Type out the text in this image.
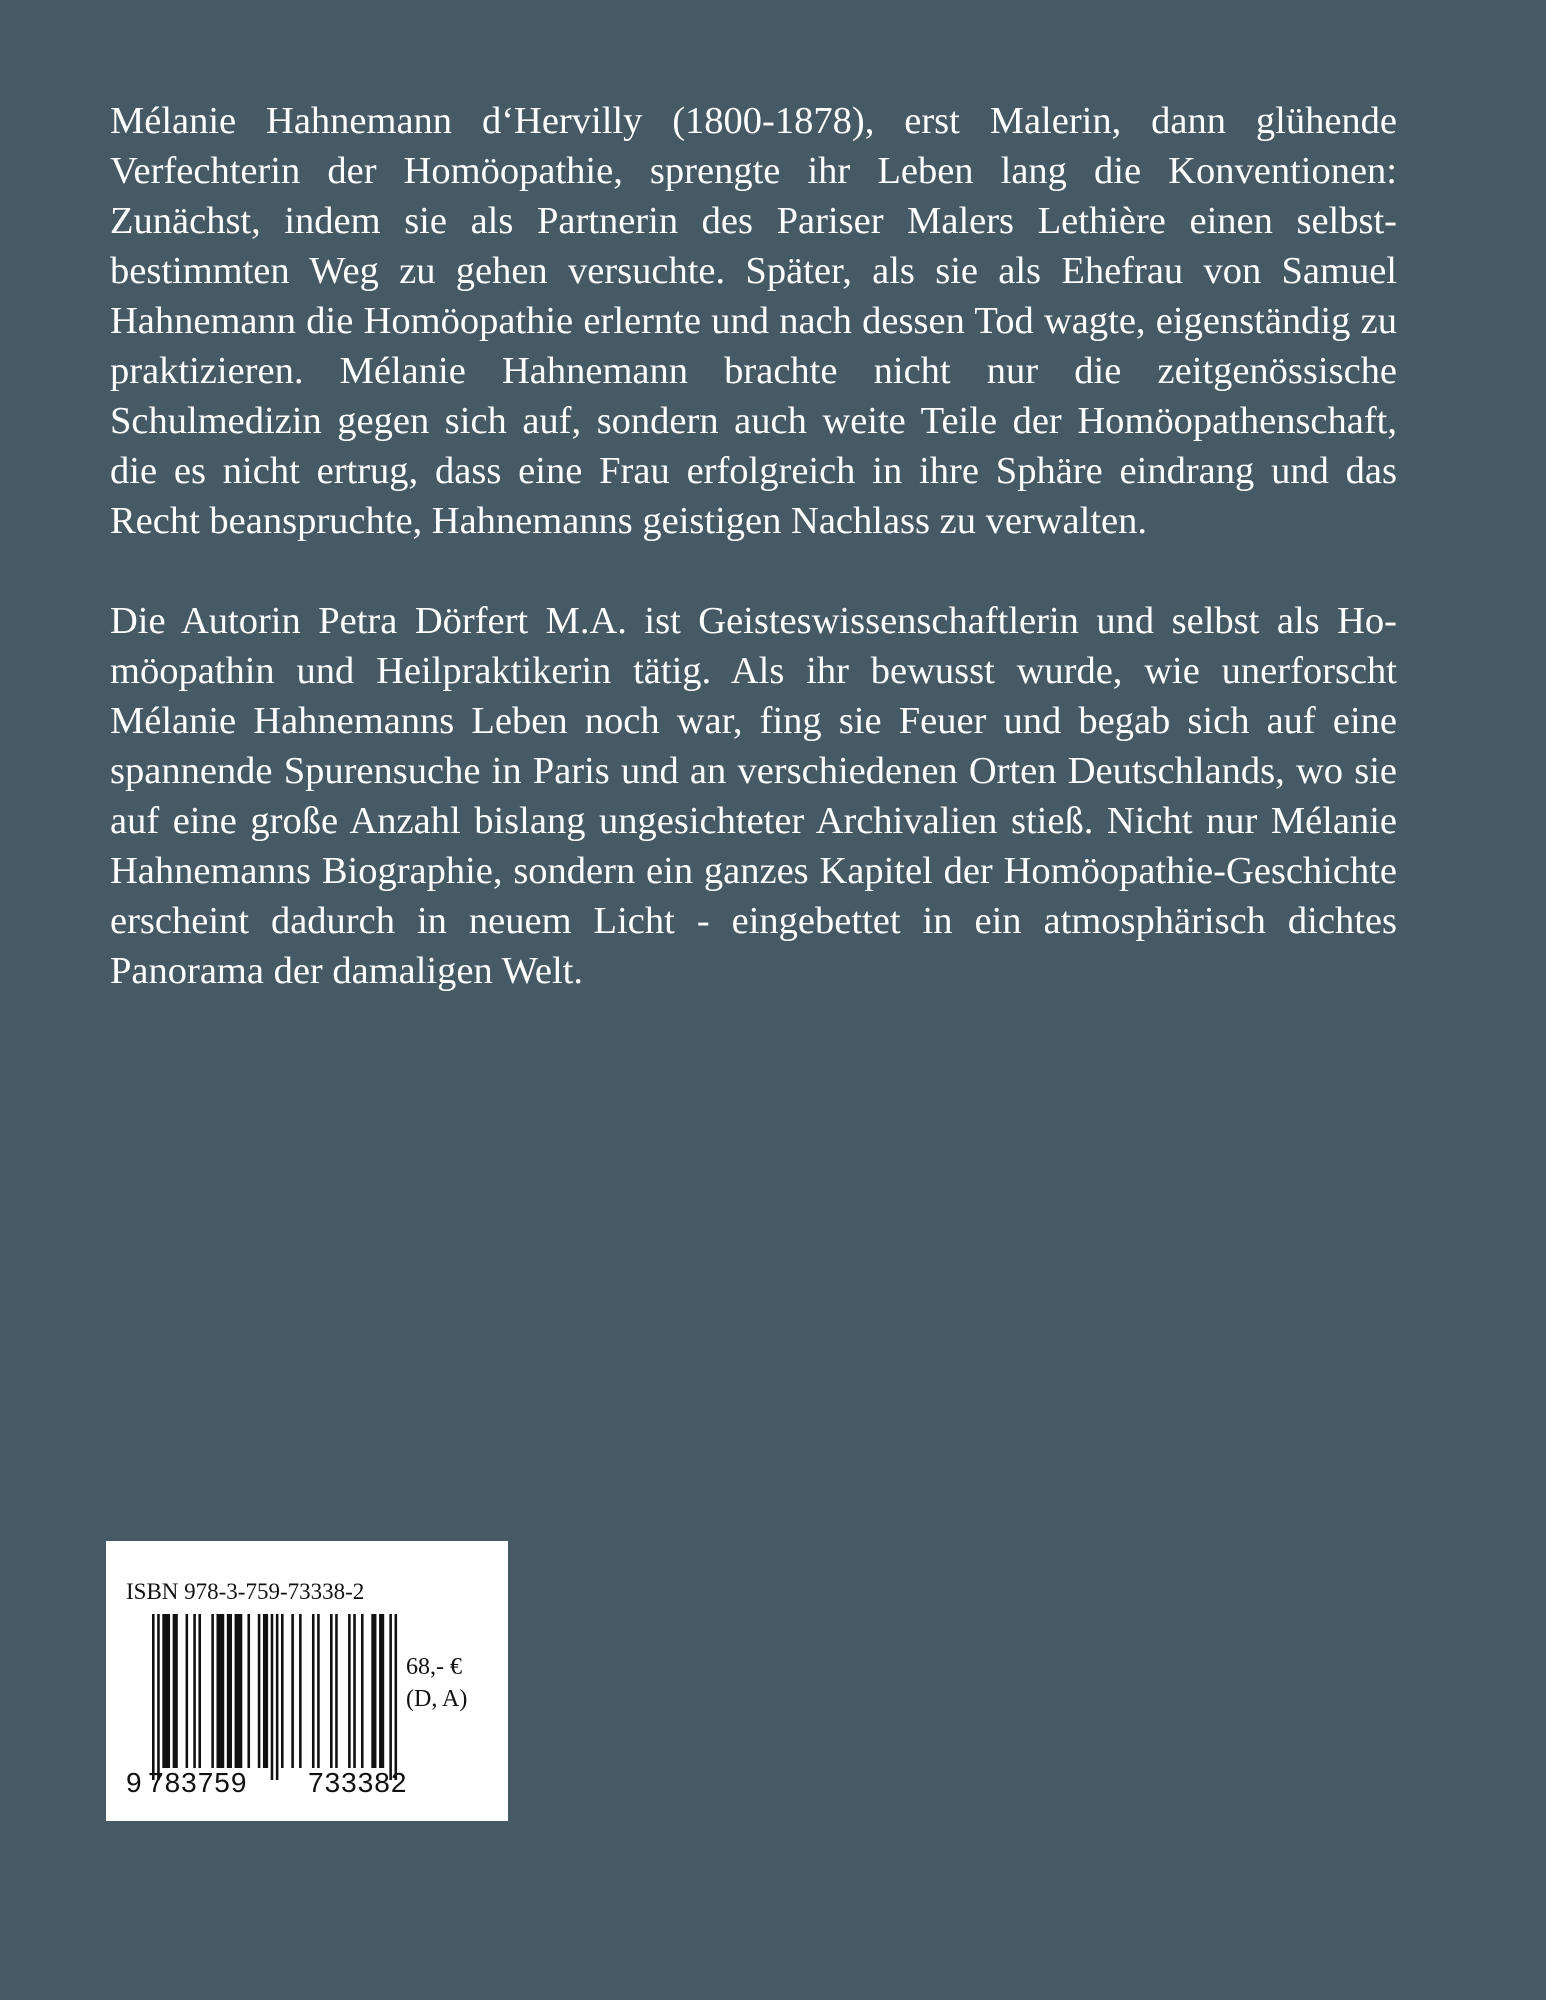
Mélanie Hahnemann d‘Hervilly (1800-1878), erst Malerin, dann glühende Verfechterin der Homöopathie, sprengte ihr Leben lang die Konventionen: Zunächst, indem sie als Partnerin des Pariser Malers Lethière einen selbstbestimmten Weg zu gehen versuchte. Später, als sie als Ehefrau von Samuel Hahnemann die Homöopathie erlernte und nach dessen Tod wagte, eigenständig zu praktizieren. Mélanie Hahnemann brachte nicht nur die zeitgenössische Schulmedizin gegen sich auf, sondern auch weite Teile der Homöopathenschaft, die es nicht ertrug, dass eine Frau erfolgreich in ihre Sphäre eindrang und das Recht beanspruchte, Hahnemanns geistigen Nachlass zu verwalten.

Die Autorin Petra Dörfert M.A. ist Geisteswissenschaftlerin und selbst als Homöopathin und Heilpraktikerin tätig. Als ihr bewusst wurde, wie unerforscht Mélanie Hahnemanns Leben noch war, fing sie Feuer und begab sich auf eine spannende Spurensuche in Paris und an verschiedenen Orten Deutschlands, wo sie auf eine große Anzahl bislang ungesichteter Archivalien stieß. Nicht nur Mélanie Hahnemanns Biographie, sondern ein ganzes Kapitel der Homöopathie-Geschichte erscheint dadurch in neuem Licht - eingebettet in ein atmosphärisch dichtes Panorama der damaligen Welt.

ISBN 978-3-759-73338-2
9 783759 733382
68,- €
(D, A)
